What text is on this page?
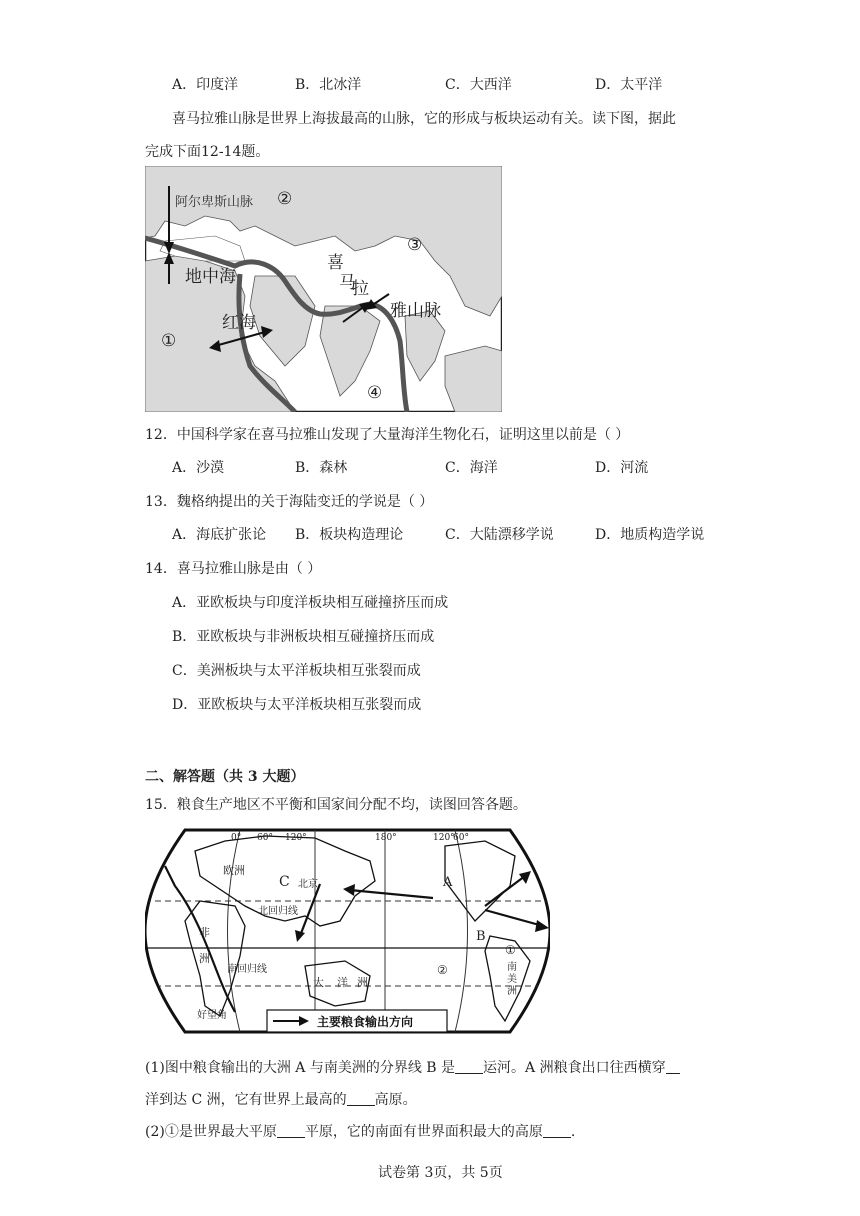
A．印度洋	B．北冰洋	C．大西洋	D．太平洋
喜马拉雅山脉是世界上海拔最高的山脉，它的形成与板块运动有关。读下图，据此
完成下面12-14题。
阿尔卑斯山脉
地中海
红海
喜
马
拉
雅山脉
①
②
③
④
12．中国科学家在喜马拉雅山发现了大量海洋生物化石，证明这里以前是（ ）
A．沙漠	B．森林	C．海洋	D．河流
13．魏格纳提出的关于海陆变迁的学说是（ ）
A．海底扩张论 B．板块构造理论	C．大陆漂移学说	D．地质构造学说
14．喜马拉雅山脉是由（ ）
A．亚欧板块与印度洋板块相互碰撞挤压而成
B．亚欧板块与非洲板块相互碰撞挤压而成
C．美洲板块与太平洋板块相互张裂而成
D．亚欧板块与太平洋板块相互张裂而成
二、解答题（共 3 大题）
15．粮食生产地区不平衡和国家间分配不均，读图回答各题。
0° 60° 120°	180°	120°
60°
欧洲
C 北京
北回归线
非
洲
南回归线
大 洋 洲
好望角
A
B
①
②	南
美
洲
主要粮食输出方向
(1)图中粮食输出的大洲 A 与南美洲的分界线 B 是 运河。A 洲粮食出口往西横穿
洋到达 C 洲，它有世界上最高的 高原。
(2)①是世界最大平原 平原，它的南面有世界面积最大的高原 .
试卷第 3页，共 5页
